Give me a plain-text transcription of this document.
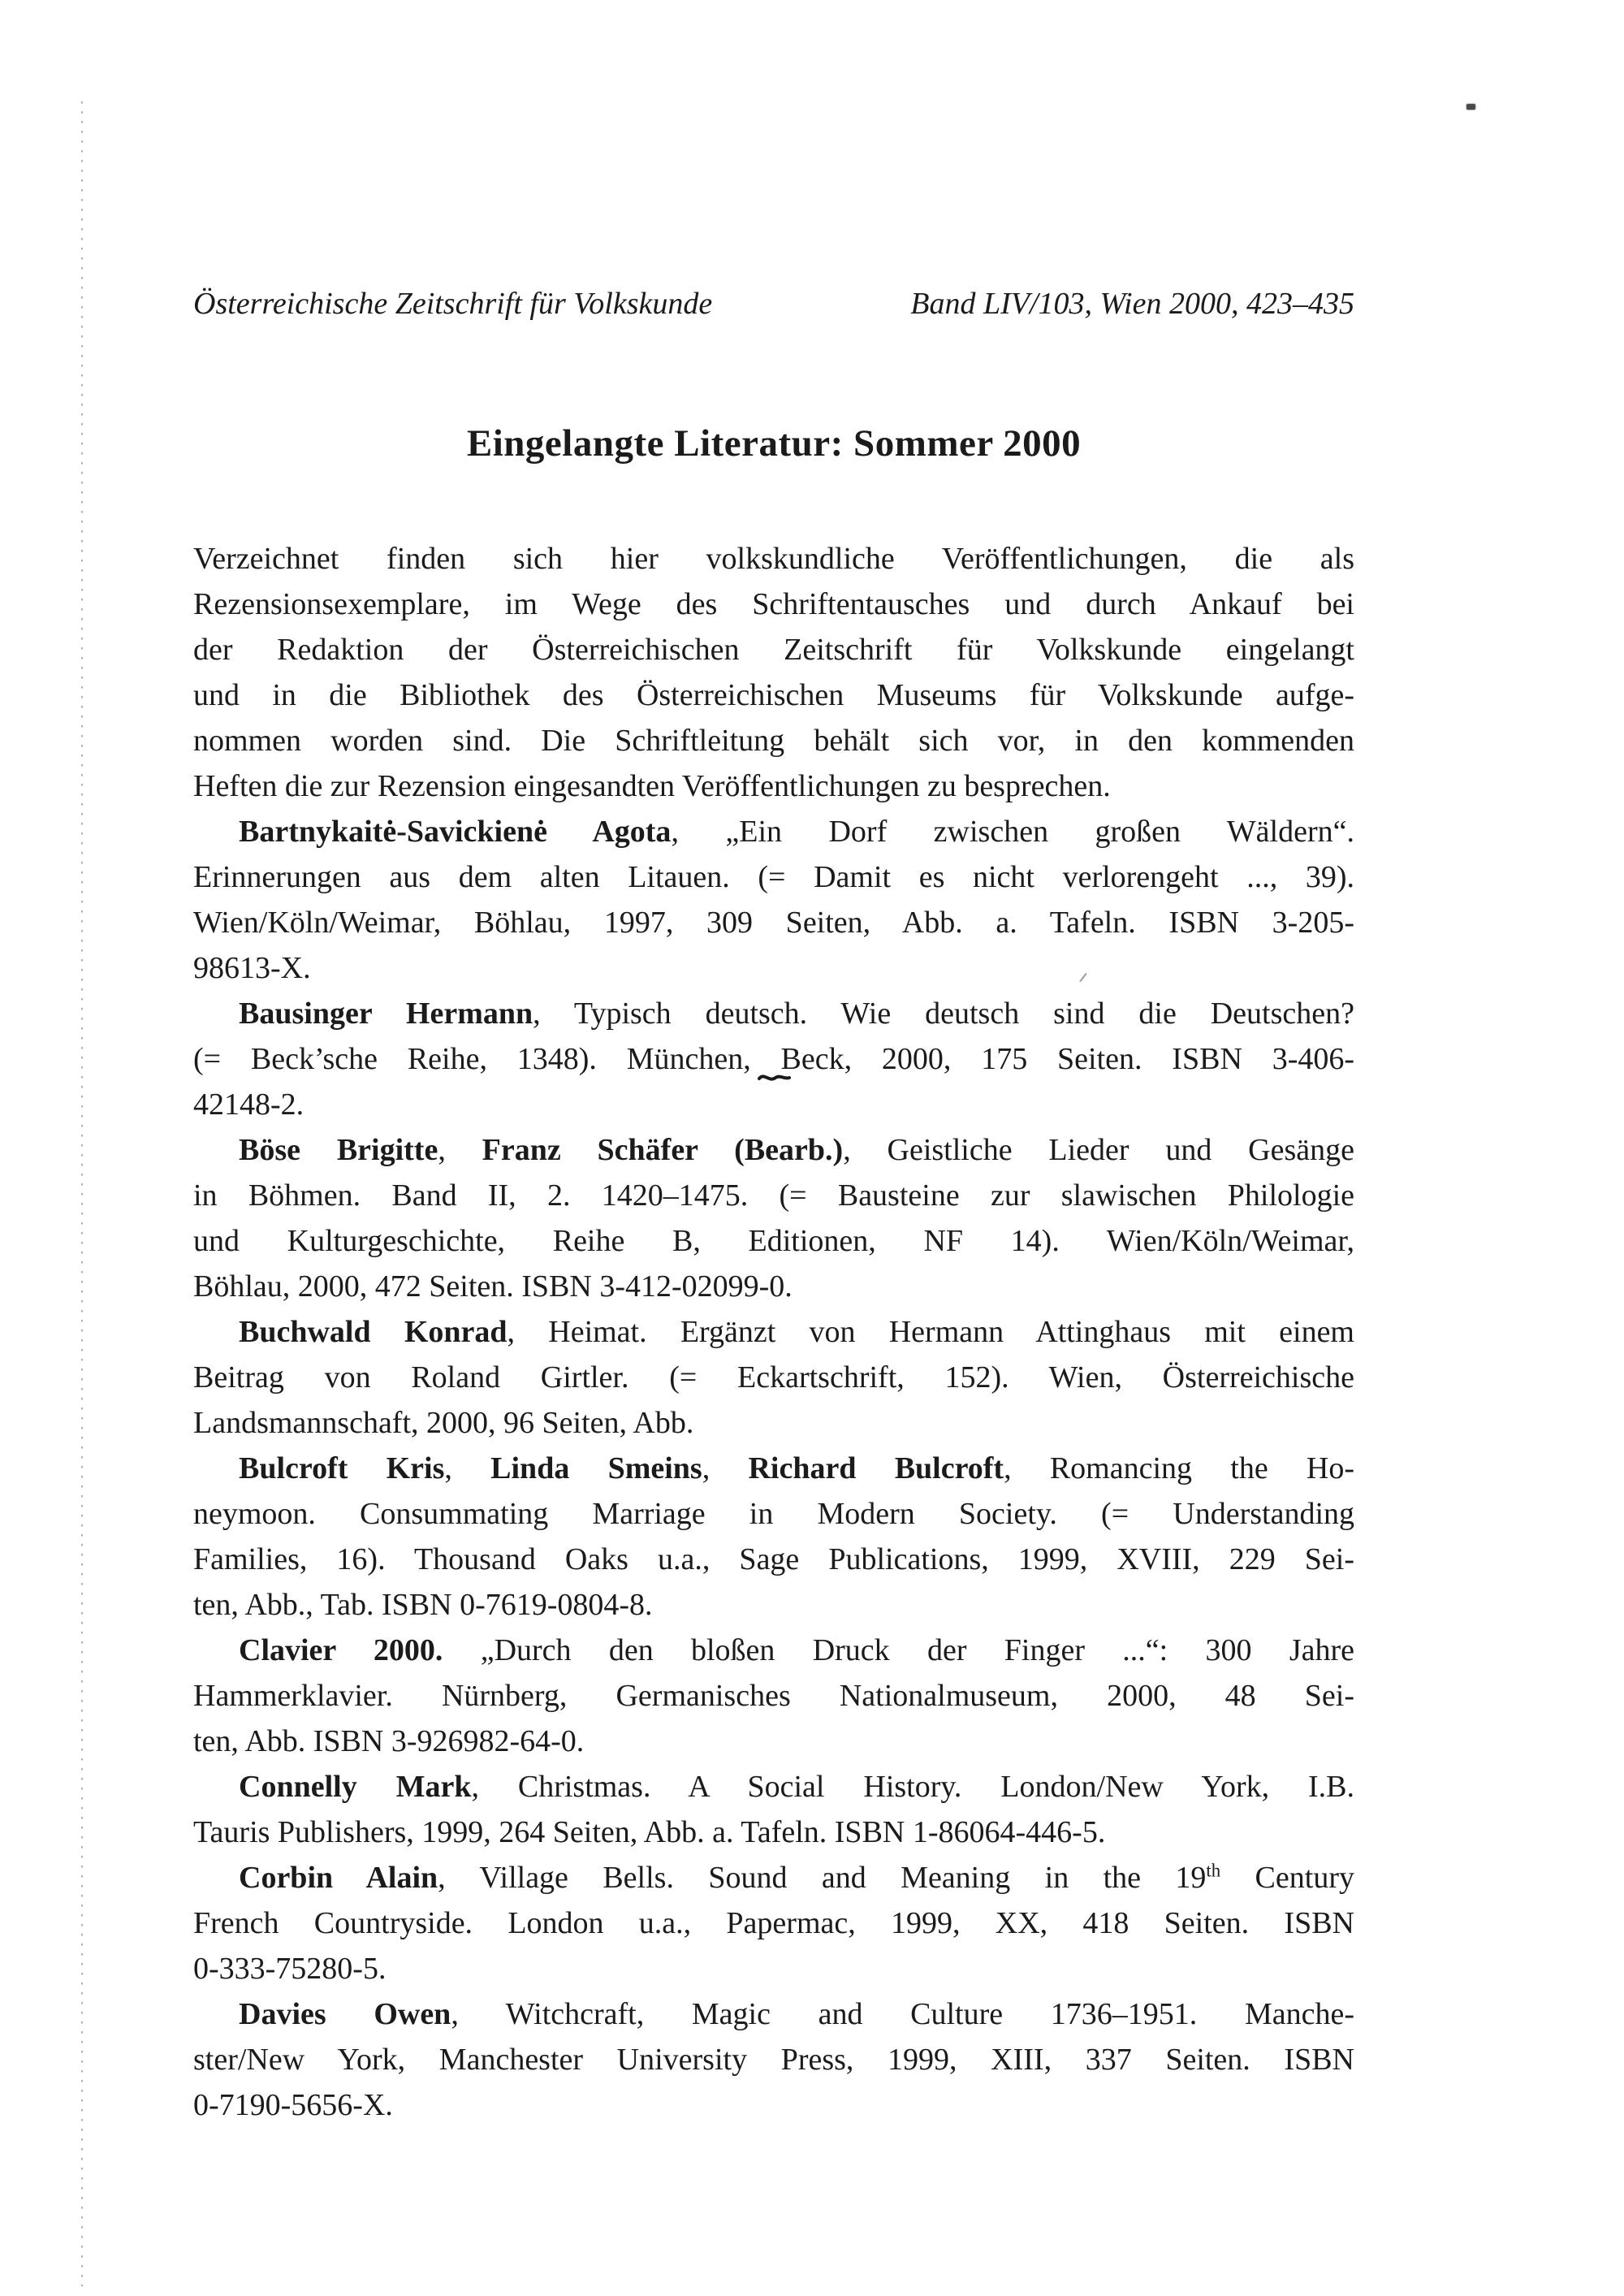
Österreichische Zeitschrift für Volkskunde	Band LIV/103, Wien 2000, 423–435
Eingelangte Literatur: Sommer 2000
Verzeichnet finden sich hier volkskundliche Veröffentlichungen, die als
Rezensionsexemplare, im Wege des Schriftentausches und durch Ankauf bei
der Redaktion der Österreichischen Zeitschrift für Volkskunde eingelangt
und in die Bibliothek des Österreichischen Museums für Volkskunde aufge-
nommen worden sind. Die Schriftleitung behält sich vor, in den kommenden
Heften die zur Rezension eingesandten Veröffentlichungen zu besprechen.
Bartnykaitė-Savickienė Agota, „Ein Dorf zwischen großen Wäldern“.
Erinnerungen aus dem alten Litauen. (= Damit es nicht verlorengeht ..., 39).
Wien/Köln/Weimar, Böhlau, 1997, 309 Seiten, Abb. a. Tafeln. ISBN 3-205-
98613-X.
Bausinger Hermann, Typisch deutsch. Wie deutsch sind die Deutschen?
(= Beck’sche Reihe, 1348). München, Beck, 2000, 175 Seiten. ISBN 3-406-
42148-2.
Böse Brigitte, Franz Schäfer (Bearb.), Geistliche Lieder und Gesänge
in Böhmen. Band II, 2. 1420–1475. (= Bausteine zur slawischen Philologie
und Kulturgeschichte, Reihe B, Editionen, NF 14). Wien/Köln/Weimar,
Böhlau, 2000, 472 Seiten. ISBN 3-412-02099-0.
Buchwald Konrad, Heimat. Ergänzt von Hermann Attinghaus mit einem
Beitrag von Roland Girtler. (= Eckartschrift, 152). Wien, Österreichische
Landsmannschaft, 2000, 96 Seiten, Abb.
Bulcroft Kris, Linda Smeins, Richard Bulcroft, Romancing the Ho-
neymoon. Consummating Marriage in Modern Society. (= Understanding
Families, 16). Thousand Oaks u.a., Sage Publications, 1999, XVIII, 229 Sei-
ten, Abb., Tab. ISBN 0-7619-0804-8.
Clavier 2000. „Durch den bloßen Druck der Finger ...“: 300 Jahre
Hammerklavier. Nürnberg, Germanisches Nationalmuseum, 2000, 48 Sei-
ten, Abb. ISBN 3-926982-64-0.
Connelly Mark, Christmas. A Social History. London/New York, I.B.
Tauris Publishers, 1999, 264 Seiten, Abb. a. Tafeln. ISBN 1-86064-446-5.
Corbin Alain, Village Bells. Sound and Meaning in the 19th Century
French Countryside. London u.a., Papermac, 1999, XX, 418 Seiten. ISBN
0-333-75280-5.
Davies Owen, Witchcraft, Magic and Culture 1736–1951. Manche-
ster/New York, Manchester University Press, 1999, XIII, 337 Seiten. ISBN
0-7190-5656-X.
